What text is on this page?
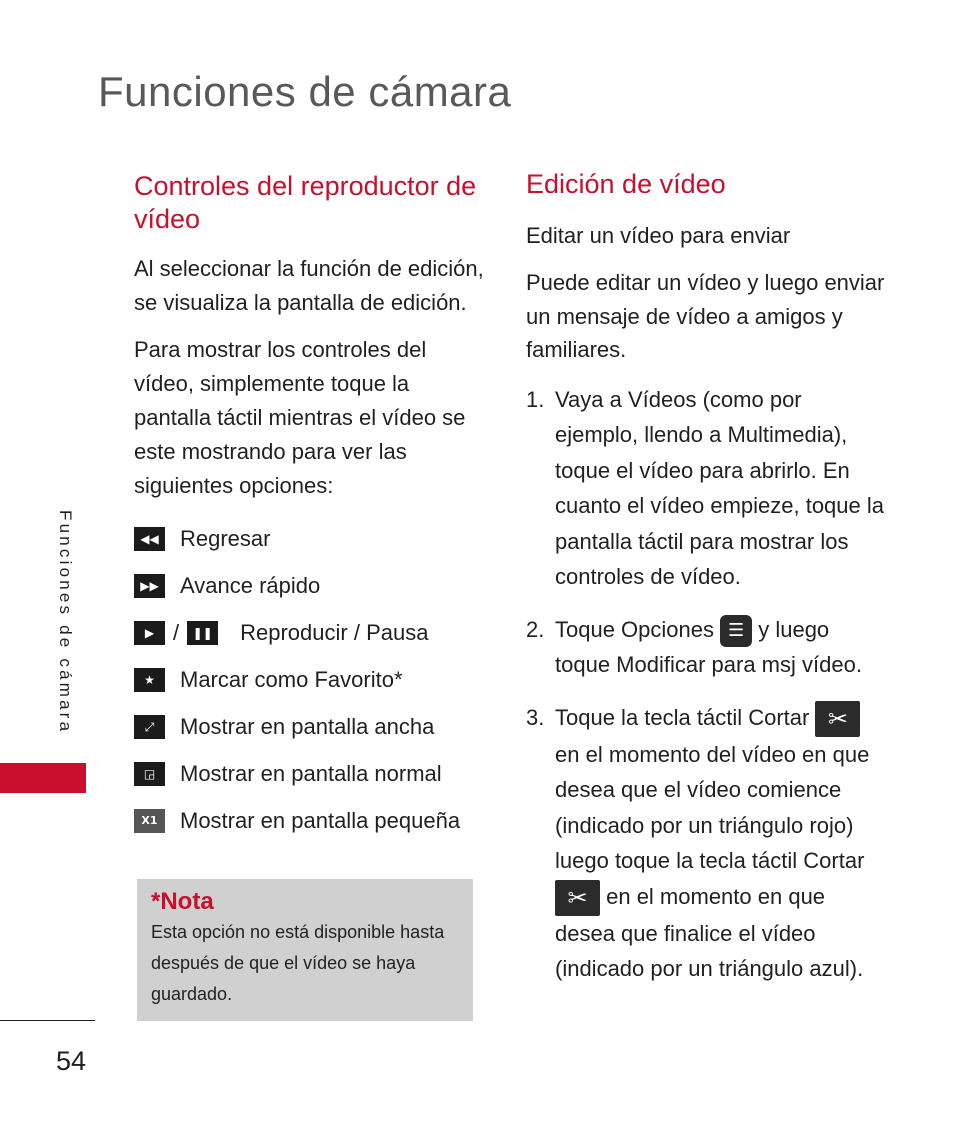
Funciones de cámara
Funciones de cámara
54
Controles del reproductor de vídeo

Al seleccionar la función de edición, se visualiza la pantalla de edición.

Para mostrar los controles del vídeo, simplemente toque la pantalla táctil mientras el vídeo se este mostrando para ver las siguientes opciones:

◀◀ Regresar
▶▶ Avance rápido
▶ /	❚❚ Reproducir / Pausa
★	Marcar como Favorito*
⤢	Mostrar en pantalla ancha
◲	Mostrar en pantalla normal
X1	Mostrar en pantalla pequeña
*Nota

Esta opción no está disponible hasta después de que el vídeo se haya guardado.

Edición de vídeo
Editar un vídeo para enviar

Puede editar un vídeo y luego enviar un mensaje de vídeo a amigos y familiares.

1. Vaya a Vídeos (como por ejemplo, llendo a Multimedia), toque el vídeo para abrirlo. En cuanto el vídeo empieze, toque la pantalla táctil para mostrar los controles de vídeo.
2. Toque Opciones ☰ y luego toque Modificar para msj vídeo.
3. Toque la tecla táctil Cortar ✂ en el momento del vídeo en que desea que el vídeo comience (indicado por un triángulo rojo) luego toque la tecla táctil Cortar ✂ en el momento en que desea que finalice el vídeo (indicado por un triángulo azul).
